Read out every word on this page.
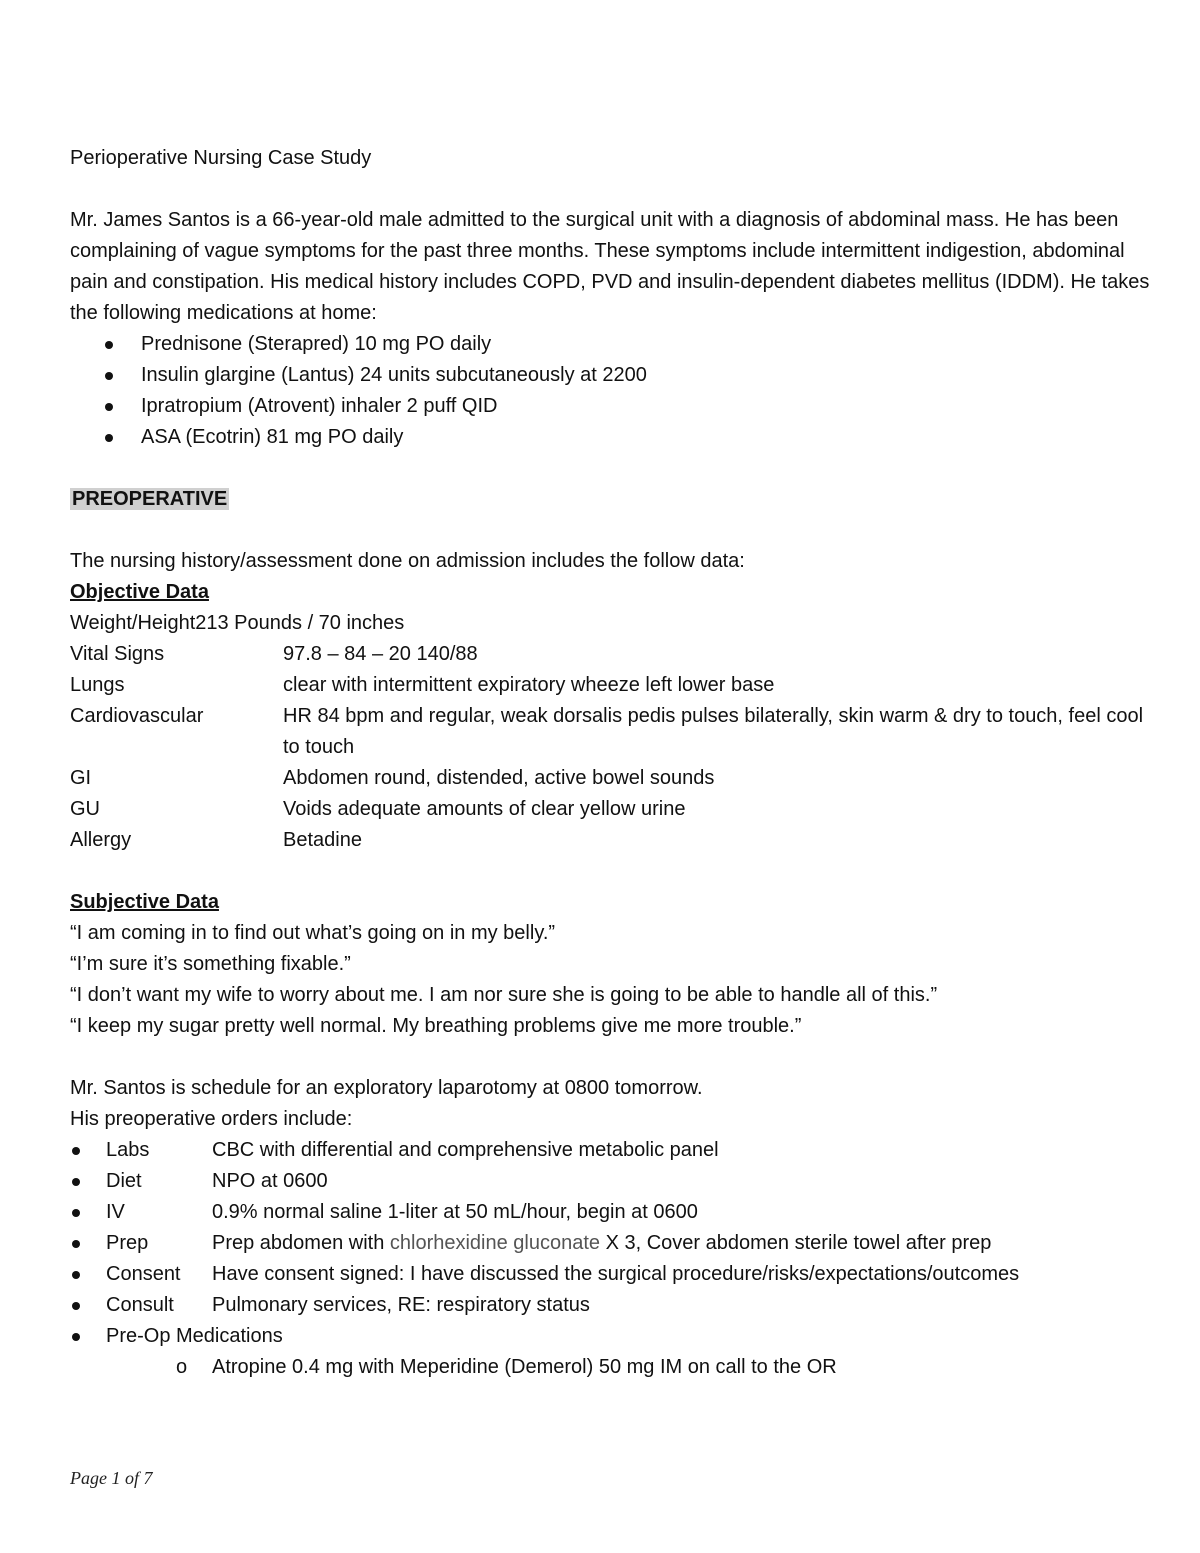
Perioperative Nursing Case Study
Mr. James Santos is a 66-year-old male admitted to the surgical unit with a diagnosis of abdominal mass. He has been complaining of vague symptoms for the past three months. These symptoms include intermittent indigestion, abdominal pain and constipation. His medical history includes COPD, PVD and insulin-dependent diabetes mellitus (IDDM). He takes the following medications at home:
Prednisone (Sterapred) 10 mg PO daily
Insulin glargine (Lantus) 24 units subcutaneously at 2200
Ipratropium (Atrovent) inhaler 2 puff QID
ASA (Ecotrin) 81 mg PO daily
PREOPERATIVE
The nursing history/assessment done on admission includes the follow data:
Objective Data
Weight/Height213 Pounds / 70 inches
Vital Signs	97.8 – 84 – 20 140/88
Lungs	clear with intermittent expiratory wheeze left lower base
Cardiovascular	HR 84 bpm and regular, weak dorsalis pedis pulses bilaterally, skin warm & dry to touch, feel cool to touch
GI	Abdomen round, distended, active bowel sounds
GU	Voids adequate amounts of clear yellow urine
Allergy	Betadine
Subjective Data
“I am coming in to find out what’s going on in my belly.”
“I’m sure it’s something fixable.”
“I don’t want my wife to worry about me. I am nor sure she is going to be able to handle all of this.”
“I keep my sugar pretty well normal. My breathing problems give me more trouble.”
Mr. Santos is schedule for an exploratory laparotomy at 0800 tomorrow.
His preoperative orders include:
Labs	CBC with differential and comprehensive metabolic panel
Diet	NPO at 0600
IV	0.9% normal saline 1-liter at 50 mL/hour, begin at 0600
Prep	Prep abdomen with chlorhexidine gluconate X 3, Cover abdomen sterile towel after prep
Consent Have consent signed: I have discussed the surgical procedure/risks/expectations/outcomes
Consult Pulmonary services, RE: respiratory status
Pre-Op Medications
o Atropine 0.4 mg with Meperidine (Demerol) 50 mg IM on call to the OR
Page 1 of 7
